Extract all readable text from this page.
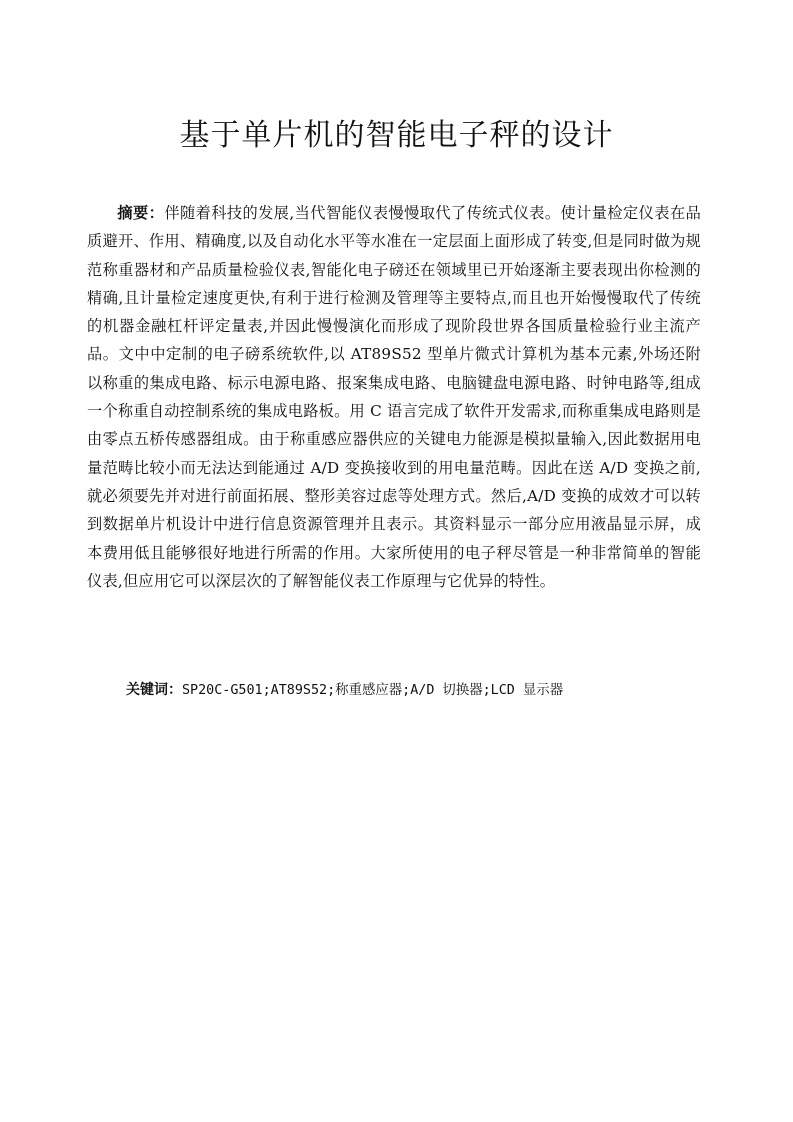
基于单片机的智能电子秤的设计

摘要：伴随着科技的发展,当代智能仪表慢慢取代了传统式仪表。使计量检定仪表在品质避开、作用、精确度,以及自动化水平等水准在一定层面上面形成了转变,但是同时做为规范称重器材和产品质量检验仪表,智能化电子磅还在领域里已开始逐渐主要表现出你检测的精确,且计量检定速度更快,有利于进行检测及管理等主要特点,而且也开始慢慢取代了传统的机器金融杠杆评定量表,并因此慢慢演化而形成了现阶段世界各国质量检验行业主流产品。文中中定制的电子磅系统软件,以 AT89S52 型单片微式计算机为基本元素,外场还附以称重的集成电路、标示电源电路、报案集成电路、电脑键盘电源电路、时钟电路等,组成一个称重自动控制系统的集成电路板。用 C 语言完成了软件开发需求,而称重集成电路则是由零点五桥传感器组成。由于称重感应器供应的关键电力能源是模拟量输入,因此数据用电量范畴比较小而无法达到能通过 A/D 变换接收到的用电量范畴。因此在送 A/D 变换之前,就必须要先并对进行前面拓展、整形美容过虑等处理方式。然后,A/D 变换的成效才可以转到数据单片机设计中进行信息资源管理并且表示。其资料显示一部分应用液晶显示屏，成本费用低且能够很好地进行所需的作用。大家所使用的电子秤尽管是一种非常简单的智能仪表,但应用它可以深层次的了解智能仪表工作原理与它优异的特性。

关键词：SP20C-G501;AT89S52;称重感应器;A/D 切换器;LCD 显示器
